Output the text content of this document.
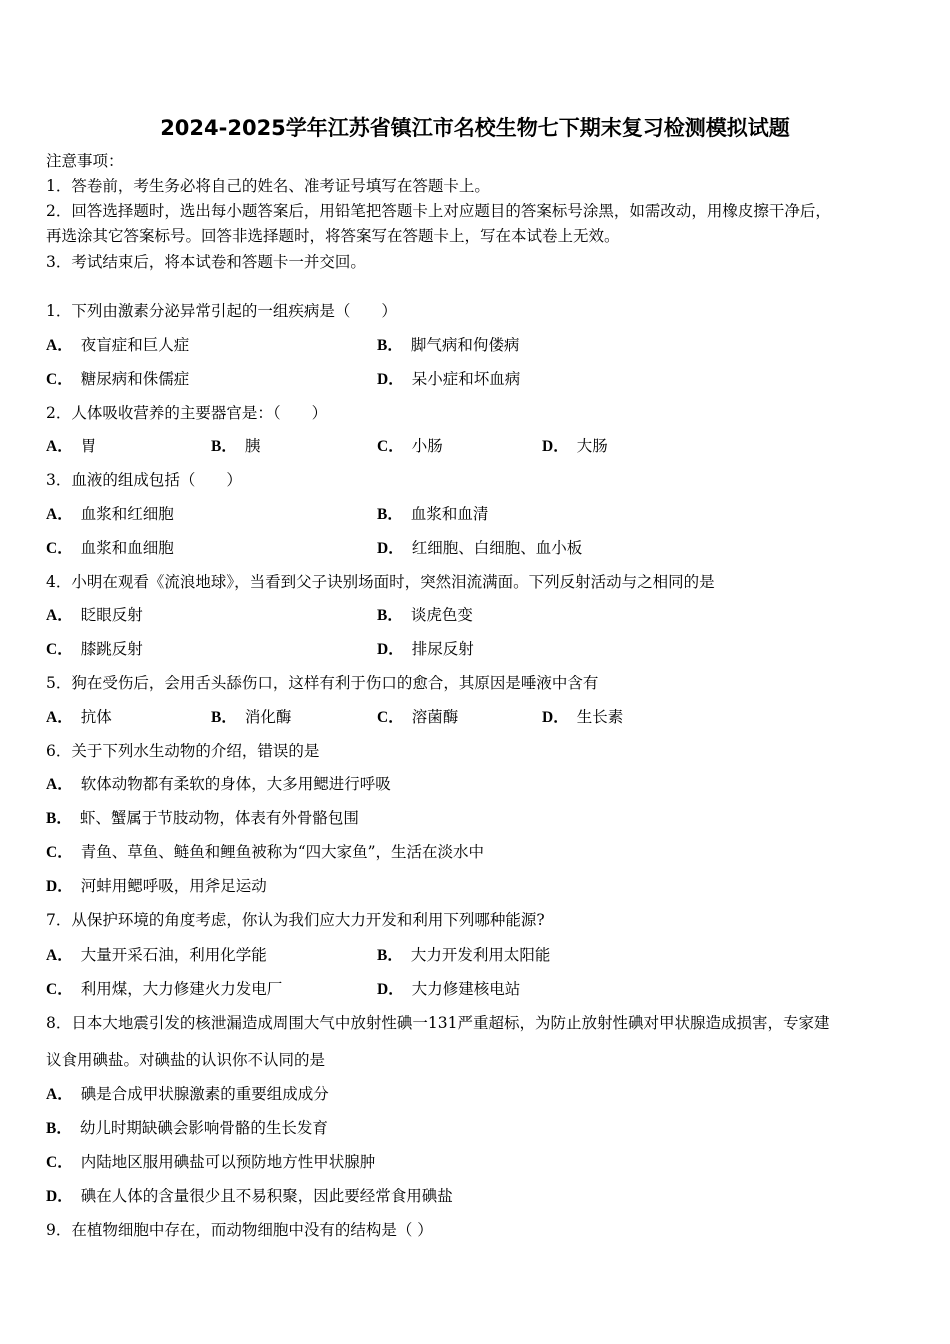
2024-2025学年江苏省镇江市名校生物七下期末复习检测模拟试题
注意事项：
1．答卷前，考生务必将自己的姓名、准考证号填写在答题卡上。
2．回答选择题时，选出每小题答案后，用铅笔把答题卡上对应题目的答案标号涂黑，如需改动，用橡皮擦干净后，
再选涂其它答案标号。回答非选择题时，将答案写在答题卡上，写在本试卷上无效。
3．考试结束后，将本试卷和答题卡一并交回。
1．下列由激素分泌异常引起的一组疾病是（　　）
A． 夜盲症和巨人症	B． 脚气病和佝偻病
C． 糖尿病和侏儒症	D． 呆小症和坏血病
2．人体吸收营养的主要器官是：（　　）
A． 胃	B． 胰	C． 小肠	D． 大肠
3．血液的组成包括（　　）
A． 血浆和红细胞	B． 血浆和血清
C． 血浆和血细胞	D． 红细胞、白细胞、血小板
4．小明在观看《流浪地球》，当看到父子诀别场面时，突然泪流满面。下列反射活动与之相同的是
A． 眨眼反射	B． 谈虎色变
C． 膝跳反射	D． 排尿反射
5．狗在受伤后，会用舌头舔伤口，这样有利于伤口的愈合，其原因是唾液中含有
A． 抗体	B． 消化酶	C． 溶菌酶	D． 生长素
6．关于下列水生动物的介绍，错误的是
A． 软体动物都有柔软的身体，大多用鳃进行呼吸
B． 虾、蟹属于节肢动物，体表有外骨骼包围
C． 青鱼、草鱼、鲢鱼和鲤鱼被称为“四大家鱼”，生活在淡水中
D． 河蚌用鳃呼吸，用斧足运动
7．从保护环境的角度考虑，你认为我们应大力开发和利用下列哪种能源?
A． 大量开采石油，利用化学能	B． 大力开发利用太阳能
C． 利用煤，大力修建火力发电厂	D． 大力修建核电站
8．日本大地震引发的核泄漏造成周围大气中放射性碘一131严重超标，为防止放射性碘对甲状腺造成损害，专家建
议食用碘盐。对碘盐的认识你不认同的是
A． 碘是合成甲状腺激素的重要组成成分
B． 幼儿时期缺碘会影响骨骼的生长发育
C． 内陆地区服用碘盐可以预防地方性甲状腺肿
D． 碘在人体的含量很少且不易积聚，因此要经常食用碘盐
9．在植物细胞中存在，而动物细胞中没有的结构是（ ）
